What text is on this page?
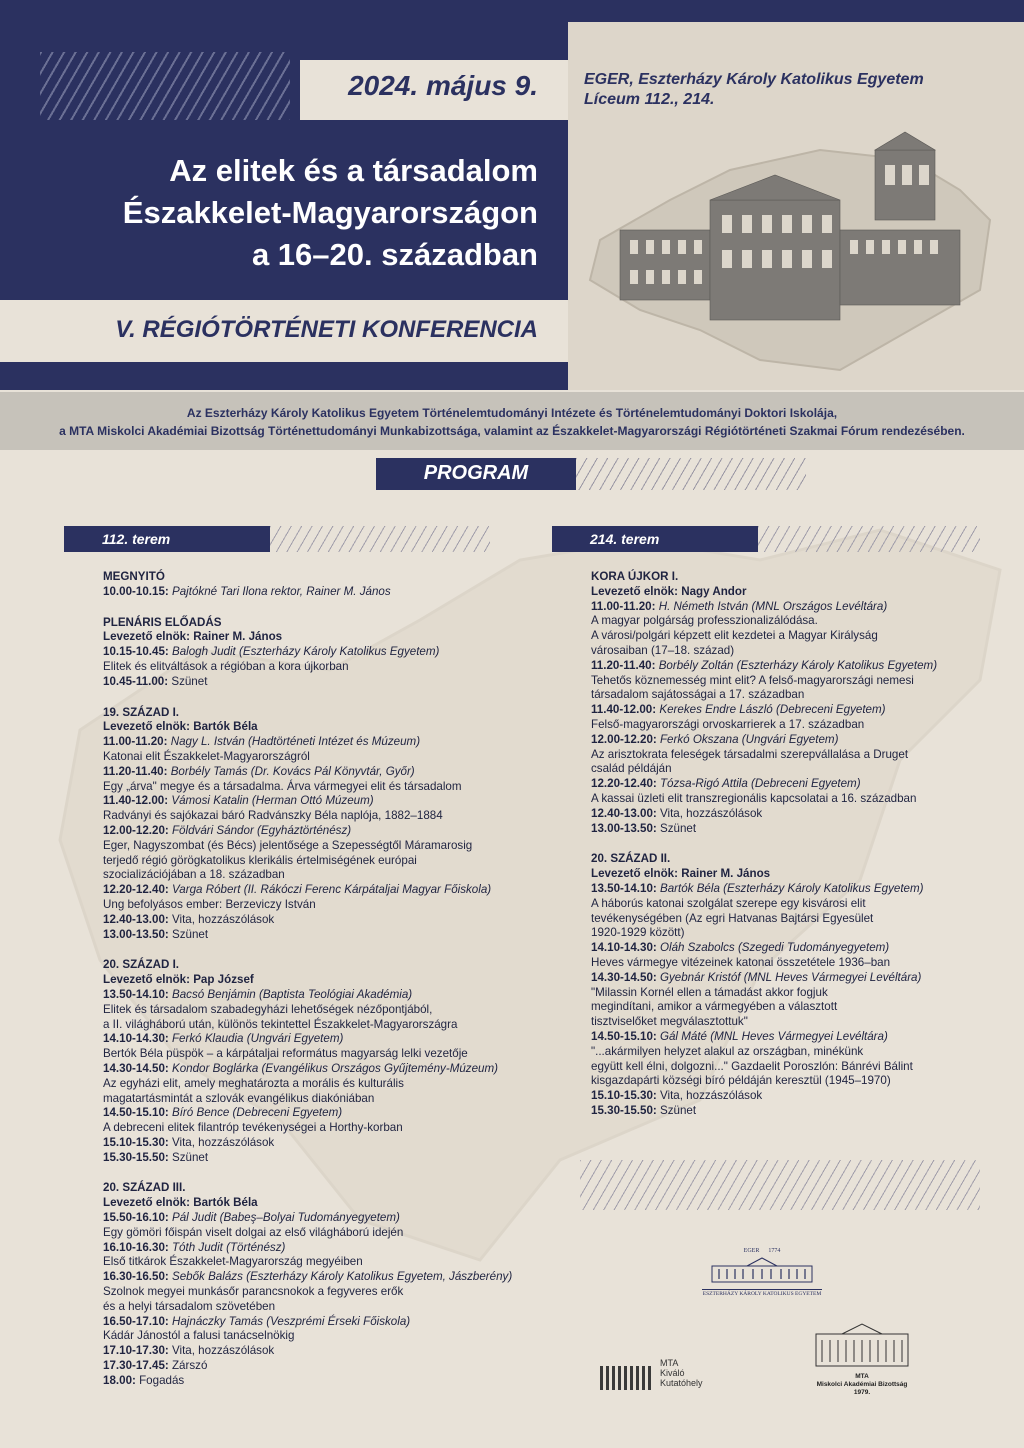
2024. május 9.	EGER, Eszterházy Károly Katolikus Egyetem
Líceum 112., 214.
Az elitek és a társadalom
Északkelet-Magyarországon
a 16–20. században
V. RÉGIÓTÖRTÉNETI KONFERENCIA
Az Eszterházy Károly Katolikus Egyetem Történelemtudományi Intézete és Történelemtudományi Doktori Iskolája,
a MTA Miskolci Akadémiai Bizottság Történettudományi Munkabizottsága, valamint az Északkelet-Magyarországi Régiótörténeti Szakmai Fórum rendezésében.
PROGRAM
112. terem	214. terem
MEGNYITÓ
10.00-10.15: Pajtókné Tari Ilona rektor, Rainer M. János
PLENÁRIS ELŐADÁS
Levezető elnök: Rainer M. János
10.15-10.45: Balogh Judit (Eszterházy Károly Katolikus Egyetem)
Elitek és elitváltások a régióban a kora újkorban
10.45-11.00: Szünet
19. SZÁZAD I.
Levezető elnök: Bartók Béla
11.00-11.20: Nagy L. István (Hadtörténeti Intézet és Múzeum)
Katonai elit Északkelet-Magyarországról
11.20-11.40: Borbély Tamás (Dr. Kovács Pál Könyvtár, Győr)
Egy „árva" megye és a társadalma. Árva vármegyei elit és társadalom
11.40-12.00: Vámosi Katalin (Herman Ottó Múzeum)
Radványi és sajókazai báró Radvánszky Béla naplója, 1882–1884
12.00-12.20: Földvári Sándor (Egyháztörténész)
Eger, Nagyszombat (és Bécs) jelentősége a Szepességtől Máramarosig
terjedő régió görögkatolikus klerikális értelmiségének európai
szocializációjában a 18. században
12.20-12.40: Varga Róbert (II. Rákóczi Ferenc Kárpátaljai Magyar Főiskola)
Ung befolyásos ember: Berzeviczy István
12.40-13.00: Vita, hozzászólások
13.00-13.50: Szünet
20. SZÁZAD I.
Levezető elnök: Pap József
13.50-14.10: Bacsó Benjámin (Baptista Teológiai Akadémia)
Elitek és társadalom szabadegyházi lehetőségek nézőpontjából,
a II. világháború után, különös tekintettel Északkelet-Magyarországra
14.10-14.30: Ferkó Klaudia (Ungvári Egyetem)
Bertók Béla püspök – a kárpátaljai református magyarság lelki vezetője
14.30-14.50: Kondor Boglárka (Evangélikus Országos Gyűjtemény-Múzeum)
Az egyházi elit, amely meghatározta a morális és kulturális
magatartásmintát a szlovák evangélikus diakóniában
14.50-15.10: Bíró Bence (Debreceni Egyetem)
A debreceni elitek filantróp tevékenységei a Horthy-korban
15.10-15.30: Vita, hozzászólások
15.30-15.50: Szünet
20. SZÁZAD III.
Levezető elnök: Bartók Béla
15.50-16.10: Pál Judit (Babeş–Bolyai Tudományegyetem)
Egy gömöri főispán viselt dolgai az első világháború idején
16.10-16.30: Tóth Judit (Történész)
Első titkárok Északkelet-Magyarország megyéiben
16.30-16.50: Sebők Balázs (Eszterházy Károly Katolikus Egyetem, Jászberény)
Szolnok megyei munkásőr parancsnokok a fegyveres erők
és a helyi társadalom szövetében
16.50-17.10: Hajnáczky Tamás (Veszprémi Érseki Főiskola)
Kádár Jánostól a falusi tanácselnökig
17.10-17.30: Vita, hozzászólások
17.30-17.45: Zárszó
18.00: Fogadás
KORA ÚJKOR I.
Levezető elnök: Nagy Andor
11.00-11.20: H. Németh István (MNL Országos Levéltára)
A magyar polgárság professzionalizálódása.
A városi/polgári képzett elit kezdetei a Magyar Királyság
városaiban (17–18. század)
11.20-11.40: Borbély Zoltán (Eszterházy Károly Katolikus Egyetem)
Tehetős köznemesség mint elit? A felső-magyarországi nemesi
társadalom sajátosságai a 17. században
11.40-12.00: Kerekes Endre László (Debreceni Egyetem)
Felső-magyarországi orvoskarrierek a 17. században
12.00-12.20: Ferkó Okszana (Ungvári Egyetem)
Az arisztokrata feleségek társadalmi szerepvállalása a Druget
család példáján
12.20-12.40: Tózsa-Rigó Attila (Debreceni Egyetem)
A kassai üzleti elit transzregionális kapcsolatai a 16. században
12.40-13.00: Vita, hozzászólások
13.00-13.50: Szünet
20. SZÁZAD II.
Levezető elnök: Rainer M. János
13.50-14.10: Bartók Béla (Eszterházy Károly Katolikus Egyetem)
A háborús katonai szolgálat szerepe egy kisvárosi elit
tevékenységében (Az egri Hatvanas Bajtársi Egyesület
1920-1929 között)
14.10-14.30: Oláh Szabolcs (Szegedi Tudományegyetem)
Heves vármegye vitézeinek katonai összetétele 1936–ban
14.30-14.50: Gyebnár Kristóf (MNL Heves Vármegyei Levéltára)
"Milassin Kornél ellen a támadást akkor fogjuk
megindítani, amikor a vármegyében a választott
tisztviselőket megválasztottuk"
14.50-15.10: Gál Máté (MNL Heves Vármegyei Levéltára)
"...akármilyen helyzet alakul az országban, minékünk
együtt kell élni, dolgozni..." Gazdaelit Poroszlón: Bánrévi Bálint
kisgazdapárti községi bíró példáján keresztül (1945–1970)
15.10-15.30: Vita, hozzászólások
15.30-15.50: Szünet
EGER 1774
ESZTERHÁZY KÁROLY KATOLIKUS EGYETEM
MTA
Kiváló
Kutatóhely
MTA
Miskolci Akadémiai Bizottság
1979.
